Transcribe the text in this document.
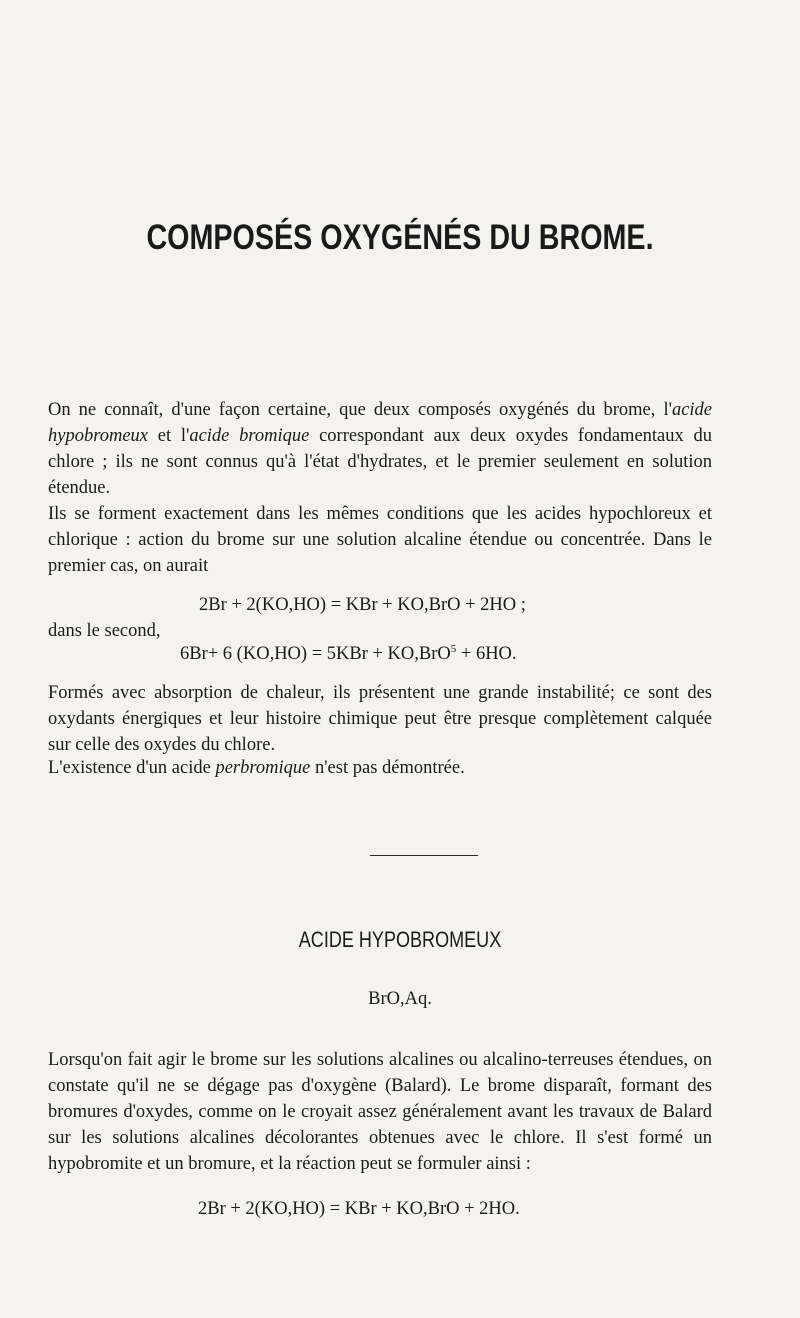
COMPOSÉS OXYGÉNÉS DU BROME.
On ne connaît, d'une façon certaine, que deux composés oxygénés du brome, l'acide hypobromeux et l'acide bromique correspondant aux deux oxydes fondamentaux du chlore ; ils ne sont connus qu'à l'état d'hydrates, et le premier seulement en solution étendue.
Ils se forment exactement dans les mêmes conditions que les acides hypochloreux et chlorique : action du brome sur une solution alcaline étendue ou concentrée. Dans le premier cas, on aurait
2Br + 2(KO,HO) = KBr + KO,BrO + 2HO ;
dans le second,
6Br+ 6 (KO,HO) = 5KBr + KO,BrO$^5$ + 6HO.
Formés avec absorption de chaleur, ils présentent une grande instabilité; ce sont des oxydants énergiques et leur histoire chimique peut être presque complètement calquée sur celle des oxydes du chlore.
L'existence d'un acide perbromique n'est pas démontrée.
ACIDE HYPOBROMEUX
BrO,Aq.
Lorsqu'on fait agir le brome sur les solutions alcalines ou alcalino-terreuses étendues, on constate qu'il ne se dégage pas d'oxygène (Balard). Le brome disparaît, formant des bromures d'oxydes, comme on le croyait assez généralement avant les travaux de Balard sur les solutions alcalines décolorantes obtenues avec le chlore. Il s'est formé un hypobromite et un bromure, et la réaction peut se formuler ainsi :
2Br + 2(KO,HO) = KBr + KO,BrO + 2HO.
